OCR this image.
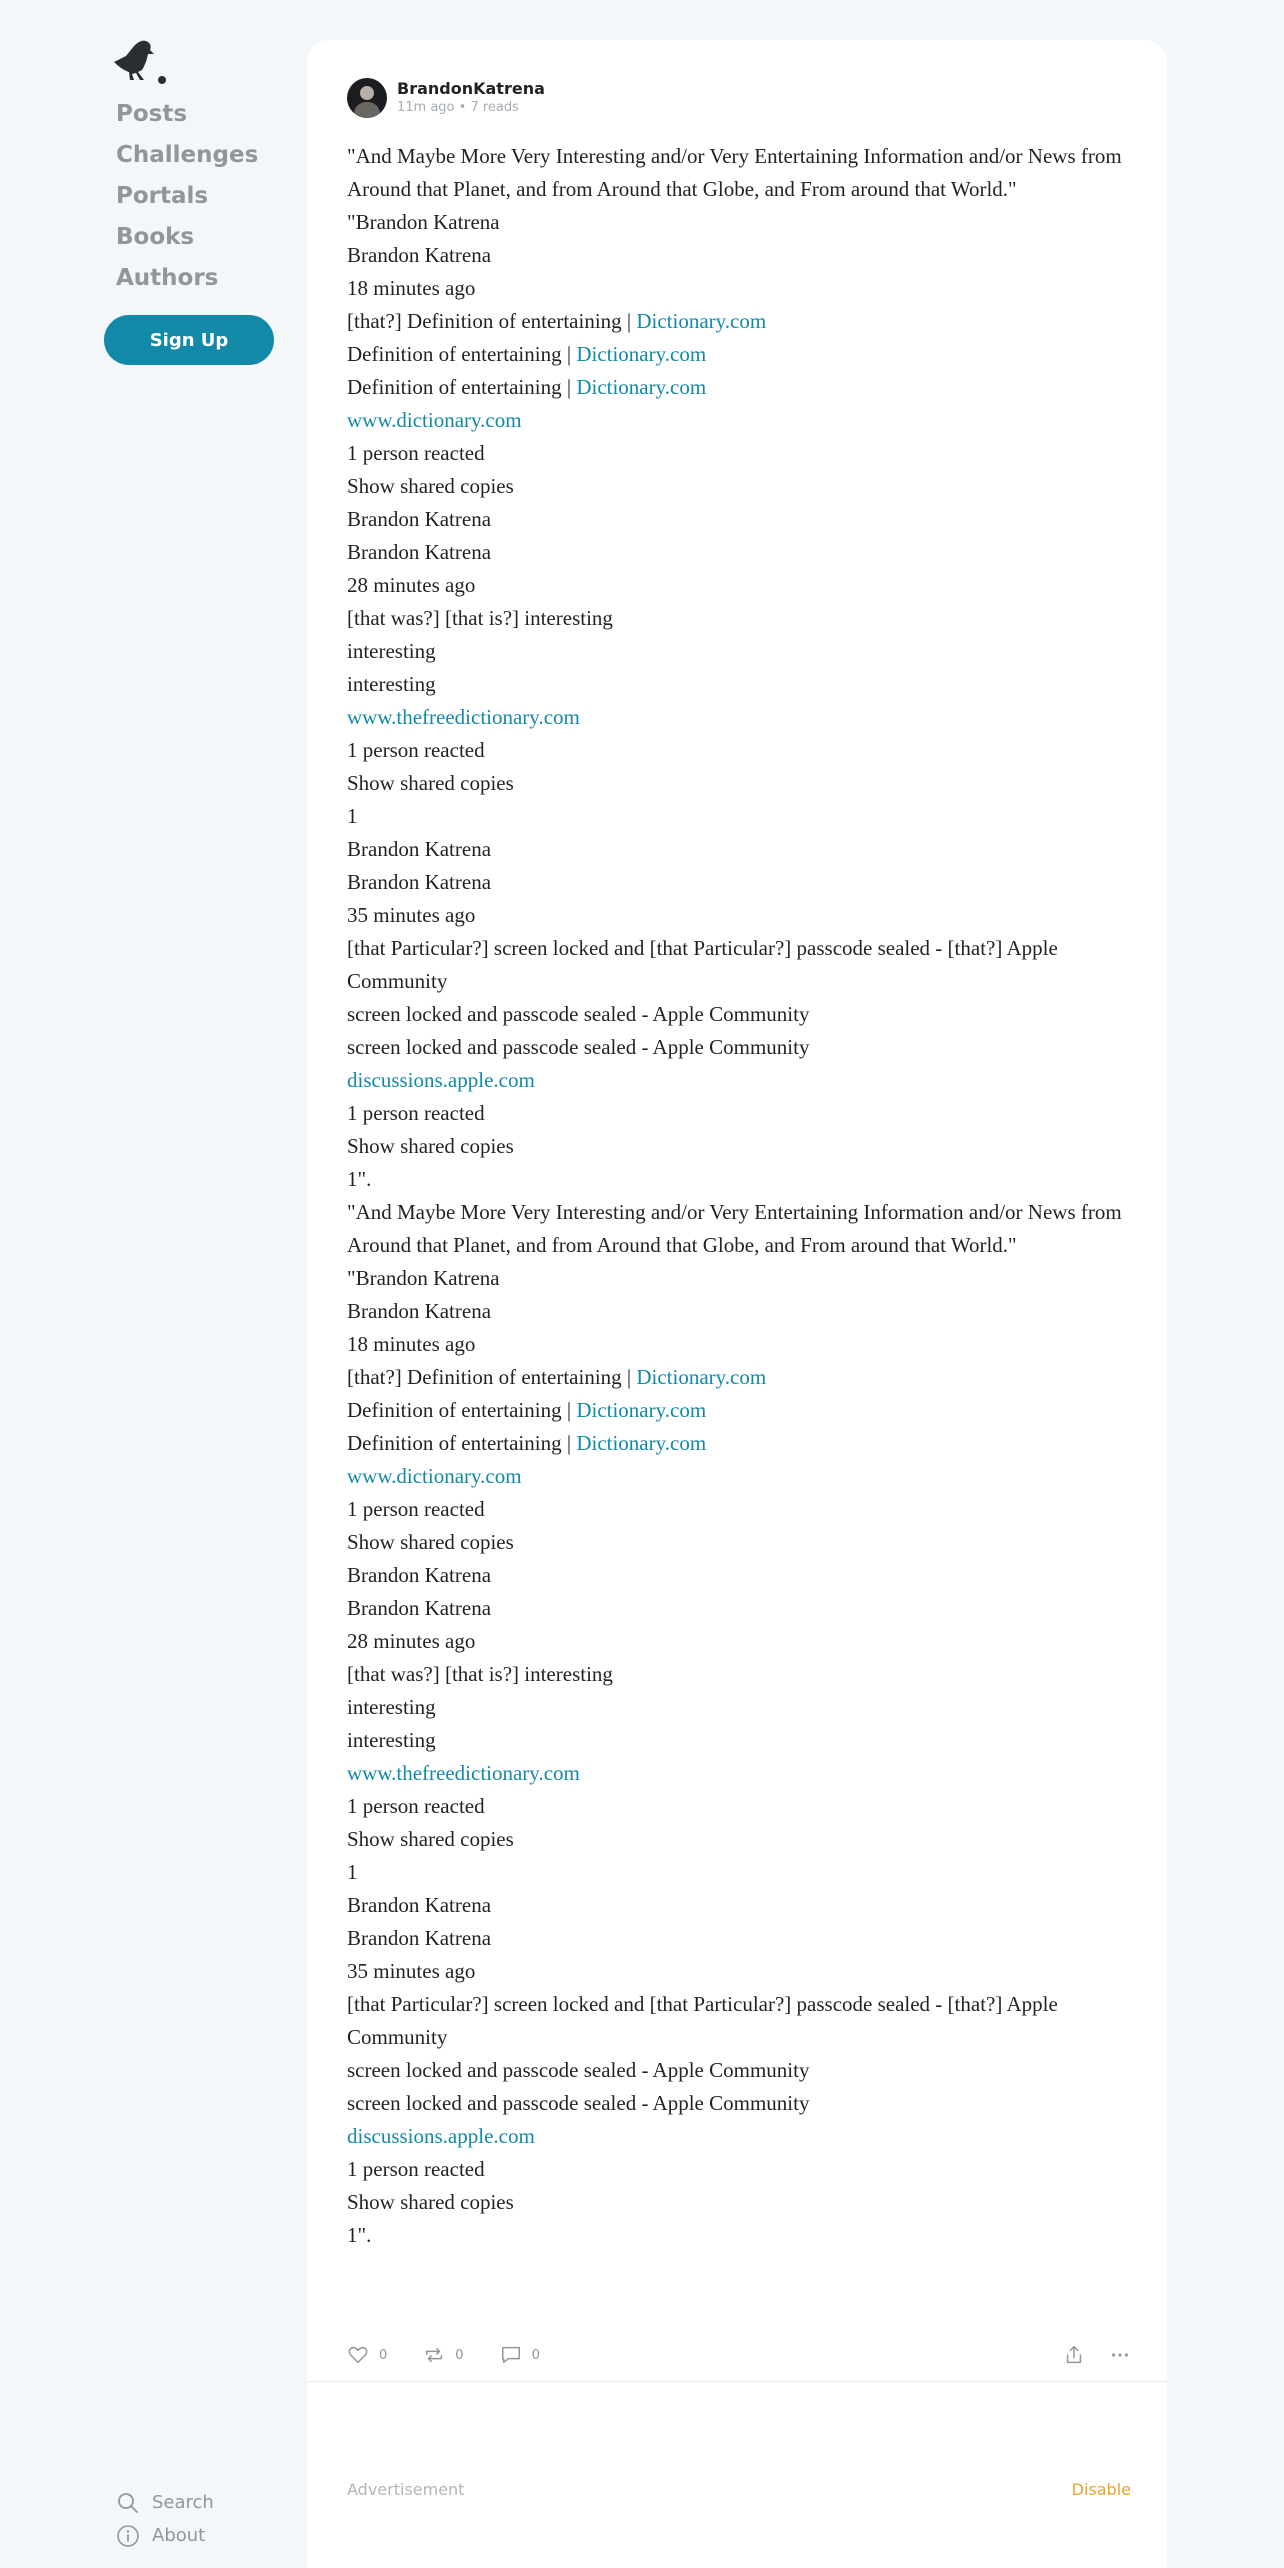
Posts
Challenges
Portals
Books
Authors
Sign Up
Search
About
BrandonKatrena
11m ago • 7 reads

"And Maybe More Very Interesting and/or Very Entertaining Information and/or News from Around that Planet, and from Around that Globe, and From around that World."

"Brandon Katrena

Brandon Katrena

18 minutes ago

[that?] Definition of entertaining | Dictionary.com

Definition of entertaining | Dictionary.com

Definition of entertaining | Dictionary.com

www.dictionary.com

1 person reacted

Show shared copies

Brandon Katrena

Brandon Katrena

28 minutes ago

[that was?] [that is?] interesting

interesting

interesting

www.thefreedictionary.com

1 person reacted

Show shared copies

1

Brandon Katrena

Brandon Katrena

35 minutes ago

[that Particular?] screen locked and [that Particular?] passcode sealed - [that?] Apple Community

screen locked and passcode sealed - Apple Community

screen locked and passcode sealed - Apple Community

discussions.apple.com

1 person reacted

Show shared copies

1".

"And Maybe More Very Interesting and/or Very Entertaining Information and/or News from Around that Planet, and from Around that Globe, and From around that World."

"Brandon Katrena

Brandon Katrena

18 minutes ago

[that?] Definition of entertaining | Dictionary.com

Definition of entertaining | Dictionary.com

Definition of entertaining | Dictionary.com

www.dictionary.com

1 person reacted

Show shared copies

Brandon Katrena

Brandon Katrena

28 minutes ago

[that was?] [that is?] interesting

interesting

interesting

www.thefreedictionary.com

1 person reacted

Show shared copies

1

Brandon Katrena

Brandon Katrena

35 minutes ago

[that Particular?] screen locked and [that Particular?] passcode sealed - [that?] Apple Community

screen locked and passcode sealed - Apple Community

screen locked and passcode sealed - Apple Community

discussions.apple.com

1 person reacted

Show shared copies

1".

0	0	0
Advertisement	Disable
